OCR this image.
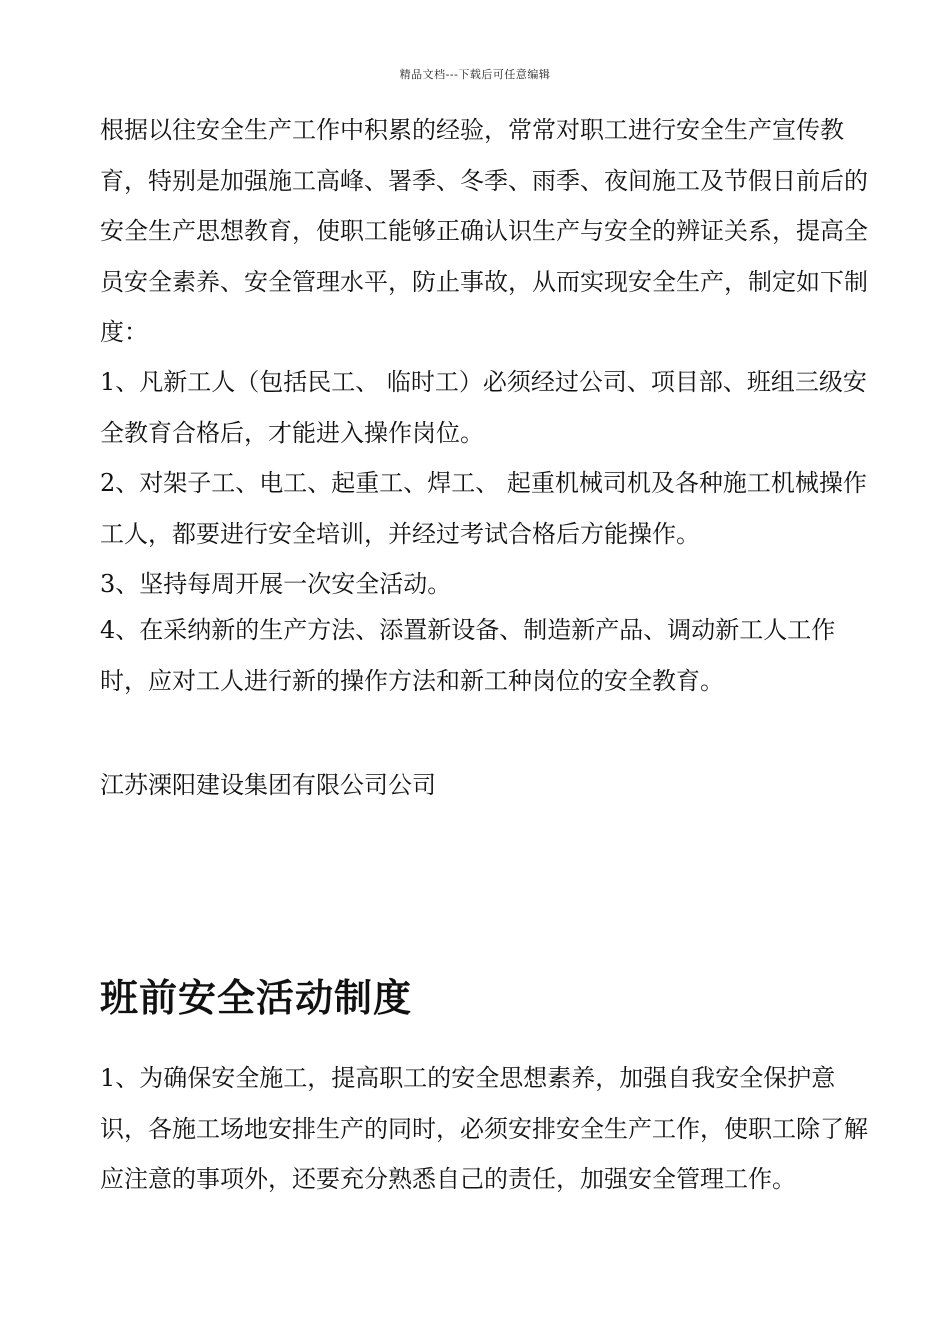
精品文档---下载后可任意编辑
根据以往安全生产工作中积累的经验，常常对职工进行安全生产宣传教育，特别是加强施工高峰、署季、冬季、雨季、夜间施工及节假日前后的安全生产思想教育，使职工能够正确认识生产与安全的辨证关系，提高全员安全素养、安全管理水平，防止事故，从而实现安全生产，制定如下制度：
1、凡新工人（包括民工、 临时工）必须经过公司、项目部、班组三级安全教育合格后，才能进入操作岗位。
2、对架子工、电工、起重工、焊工、 起重机械司机及各种施工机械操作工人，都要进行安全培训，并经过考试合格后方能操作。
3、坚持每周开展一次安全活动。
4、在采纳新的生产方法、添置新设备、制造新产品、调动新工人工作时，应对工人进行新的操作方法和新工种岗位的安全教育。
江苏溧阳建设集团有限公司公司
班前安全活动制度
1、为确保安全施工，提高职工的安全思想素养，加强自我安全保护意识，各施工场地安排生产的同时，必须安排安全生产工作，使职工除了解应注意的事项外，还要充分熟悉自己的责任，加强安全管理工作。
